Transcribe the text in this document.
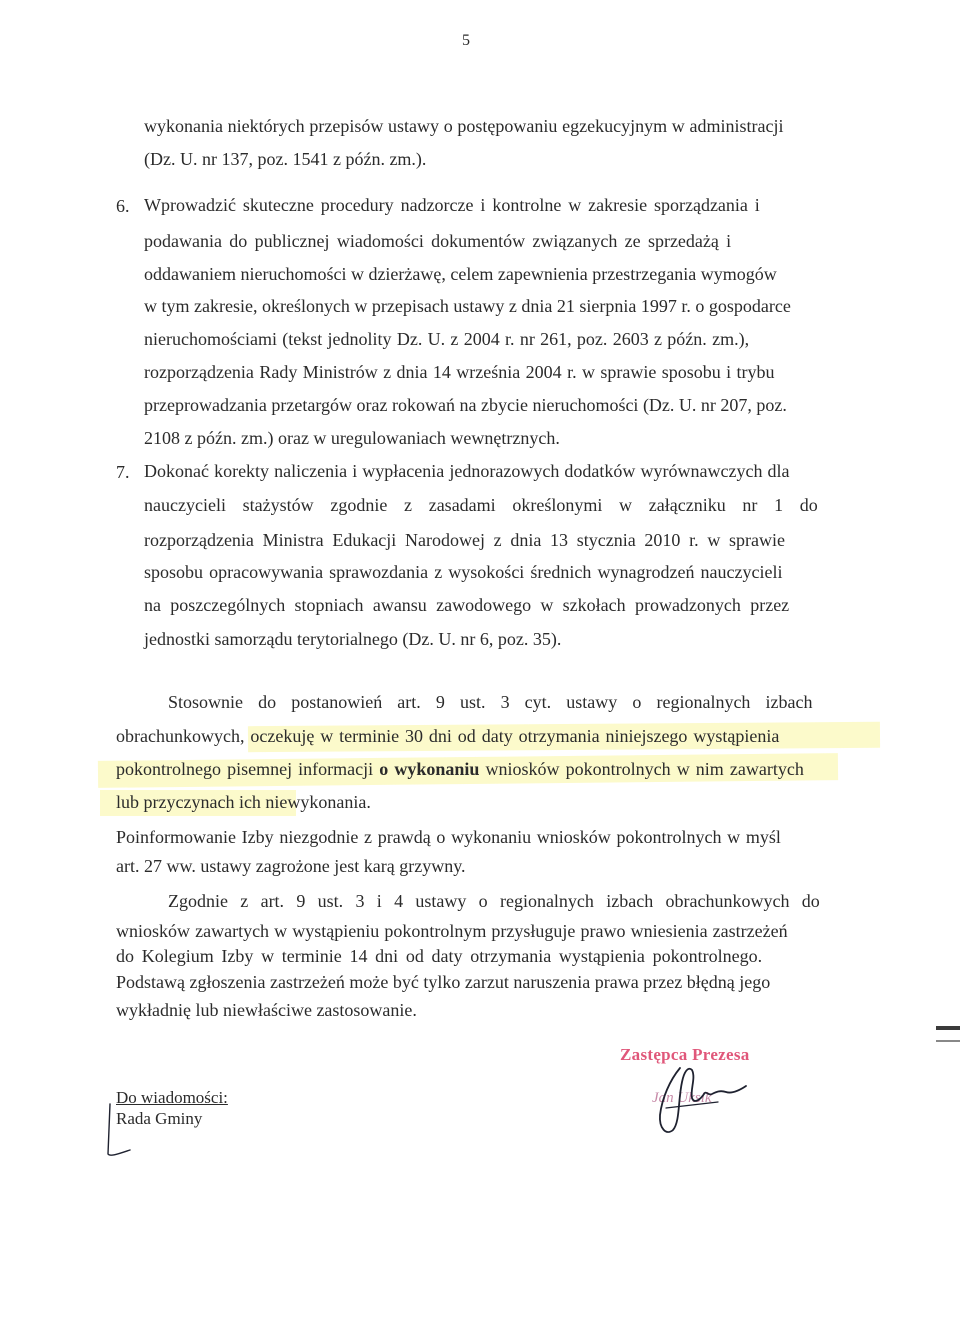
5
wykonania niektórych przepisów ustawy o postępowaniu egzekucyjnym w administracji
(Dz. U. nr 137, poz. 1541 z późn. zm.).
6. Wprowadzić skuteczne procedury nadzorcze i kontrolne w zakresie sporządzania i
podawania do publicznej wiadomości dokumentów związanych ze sprzedażą i
oddawaniem nieruchomości w dzierżawę, celem zapewnienia przestrzegania wymogów
w tym zakresie, określonych w przepisach ustawy z dnia 21 sierpnia 1997 r. o gospodarce
nieruchomościami (tekst jednolity Dz. U. z 2004 r. nr 261, poz. 2603 z późn. zm.),
rozporządzenia Rady Ministrów z dnia 14 września 2004 r. w sprawie sposobu i trybu
przeprowadzania przetargów oraz rokowań na zbycie nieruchomości (Dz. U. nr 207, poz.
2108 z późn. zm.) oraz w uregulowaniach wewnętrznych.
7. Dokonać korekty naliczenia i wypłacenia jednorazowych dodatków wyrównawczych dla
nauczycieli stażystów zgodnie z zasadami określonymi w załączniku nr 1 do
rozporządzenia Ministra Edukacji Narodowej z dnia 13 stycznia 2010 r. w sprawie
sposobu opracowywania sprawozdania z wysokości średnich wynagrodzeń nauczycieli
na poszczególnych stopniach awansu zawodowego w szkołach prowadzonych przez
jednostki samorządu terytorialnego (Dz. U. nr 6, poz. 35).
Stosownie do postanowień art. 9 ust. 3 cyt. ustawy o regionalnych izbach
obrachunkowych, oczekuję w terminie 30 dni od daty otrzymania niniejszego wystąpienia
pokontrolnego pisemnej informacji o wykonaniu wniosków pokontrolnych w nim zawartych
lub przyczynach ich niewykonania.
Poinformowanie Izby niezgodnie z prawdą o wykonaniu wniosków pokontrolnych w myśl
art. 27 ww. ustawy zagrożone jest karą grzywny.
Zgodnie z art. 9 ust. 3 i 4 ustawy o regionalnych izbach obrachunkowych do
wniosków zawartych w wystąpieniu pokontrolnym przysługuje prawo wniesienia zastrzeżeń
do Kolegium Izby w terminie 14 dni od daty otrzymania wystąpienia pokontrolnego.
Podstawą zgłoszenia zastrzeżeń może być tylko zarzut naruszenia prawa przez błędną jego
wykładnię lub niewłaściwe zastosowanie.
Zastępca Prezesa
Jan Uksik
Do wiadomości:
Rada Gminy
